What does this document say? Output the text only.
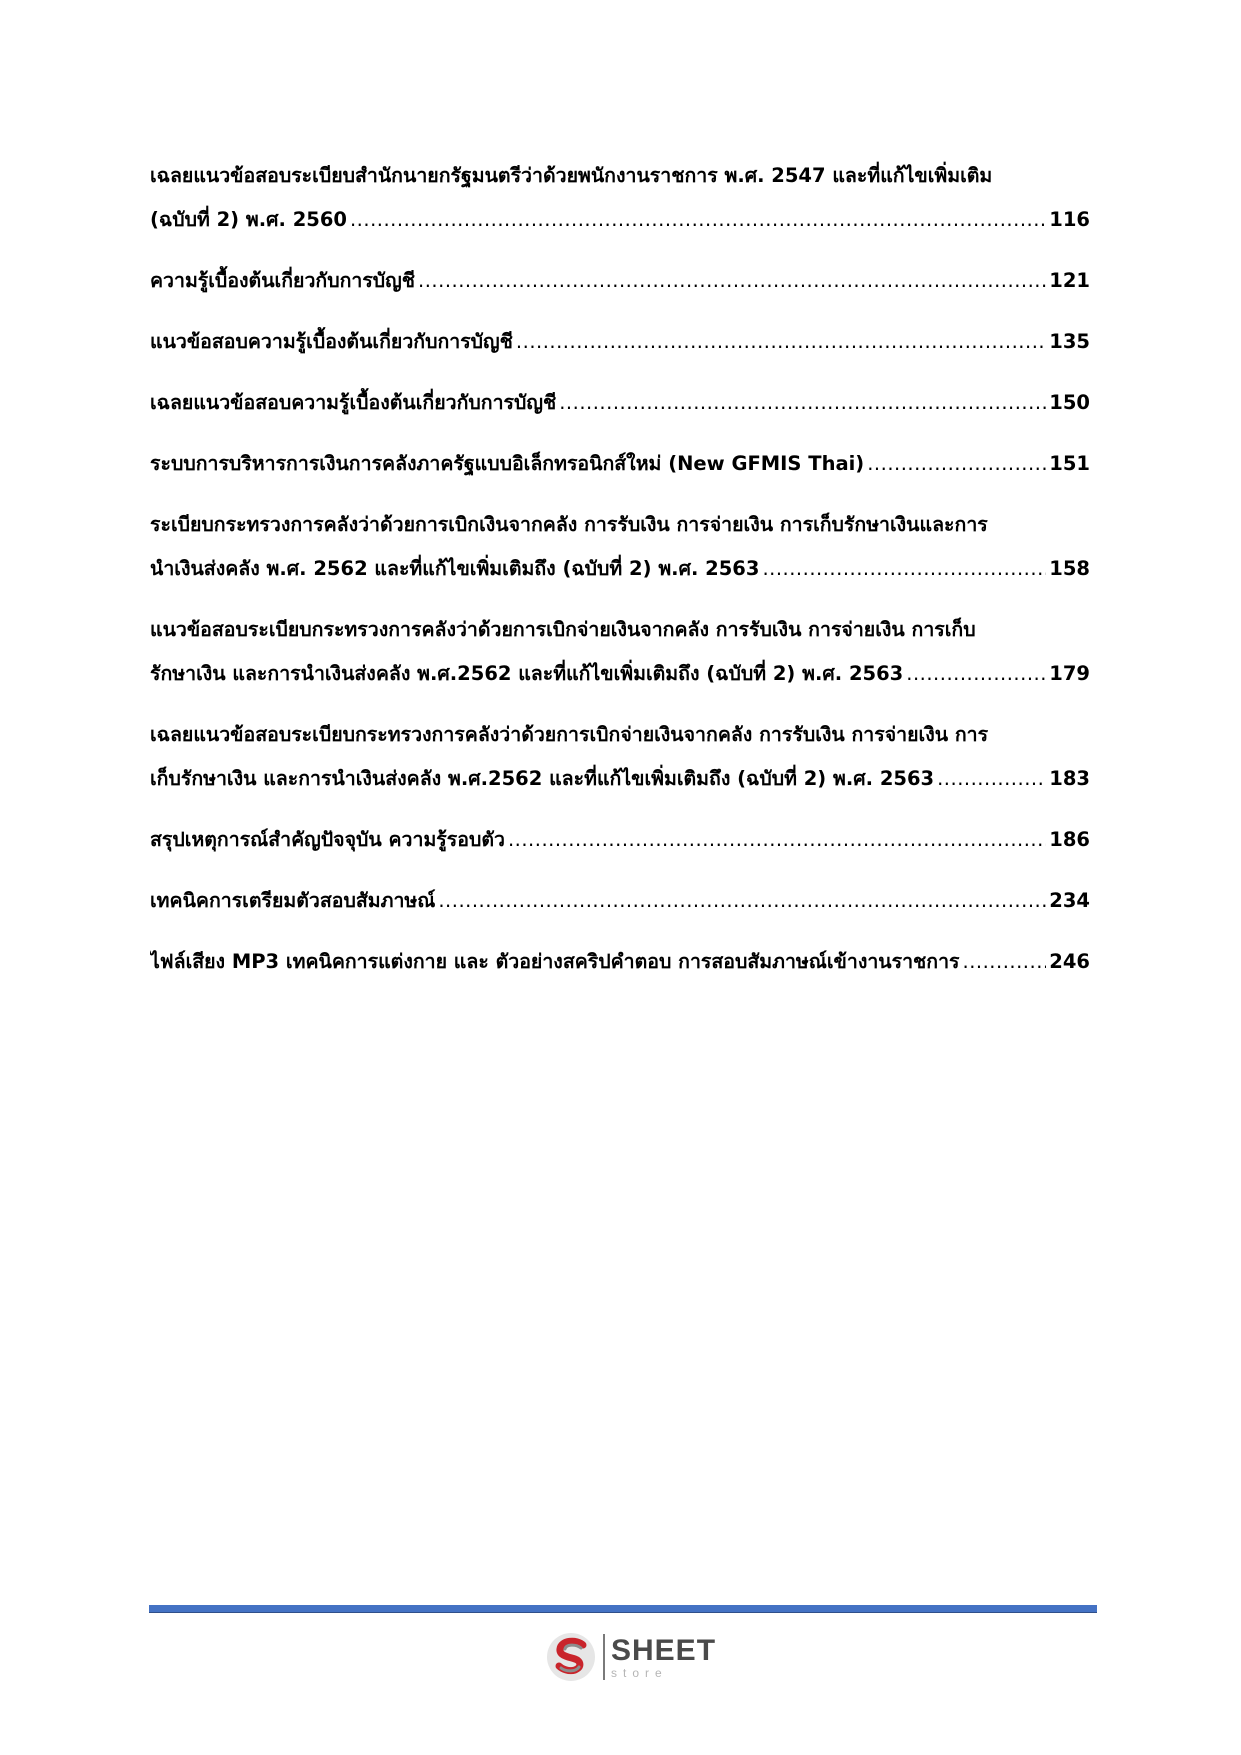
เฉลยแนวข้อสอบระเบียบสำนักนายกรัฐมนตรีว่าด้วยพนักงานราชการ พ.ศ. 2547 และที่แก้ไขเพิ่มเติม
(ฉบับที่ 2) พ.ศ. 2560 .....	116
ความรู้เบื้องต้นเกี่ยวกับการบัญชี .....	121
แนวข้อสอบความรู้เบื้องต้นเกี่ยวกับการบัญชี .....	135
เฉลยแนวข้อสอบความรู้เบื้องต้นเกี่ยวกับการบัญชี .....	150
ระบบการบริหารการเงินการคลังภาครัฐแบบอิเล็กทรอนิกส์ใหม่ (New GFMIS Thai) .....	151
ระเบียบกระทรวงการคลังว่าด้วยการเบิกเงินจากคลัง การรับเงิน การจ่ายเงิน การเก็บรักษาเงินและการ
นำเงินส่งคลัง พ.ศ. 2562 และที่แก้ไขเพิ่มเติมถึง (ฉบับที่ 2) พ.ศ. 2563 .....	158
แนวข้อสอบระเบียบกระทรวงการคลังว่าด้วยการเบิกจ่ายเงินจากคลัง การรับเงิน การจ่ายเงิน การเก็บ
รักษาเงิน และการนำเงินส่งคลัง พ.ศ.2562 และที่แก้ไขเพิ่มเติมถึง (ฉบับที่ 2) พ.ศ. 2563 .....	179
เฉลยแนวข้อสอบระเบียบกระทรวงการคลังว่าด้วยการเบิกจ่ายเงินจากคลัง การรับเงิน การจ่ายเงิน การ
เก็บรักษาเงิน และการนำเงินส่งคลัง พ.ศ.2562 และที่แก้ไขเพิ่มเติมถึง (ฉบับที่ 2) พ.ศ. 2563 .....	183
สรุปเหตุการณ์สำคัญปัจจุบัน ความรู้รอบตัว .....	186
เทคนิคการเตรียมตัวสอบสัมภาษณ์ .....	234
ไฟล์เสียง MP3 เทคนิคการแต่งกาย และ ตัวอย่างสคริปคำตอบ การสอบสัมภาษณ์เข้างานราชการ .....	246
SHEET
store
